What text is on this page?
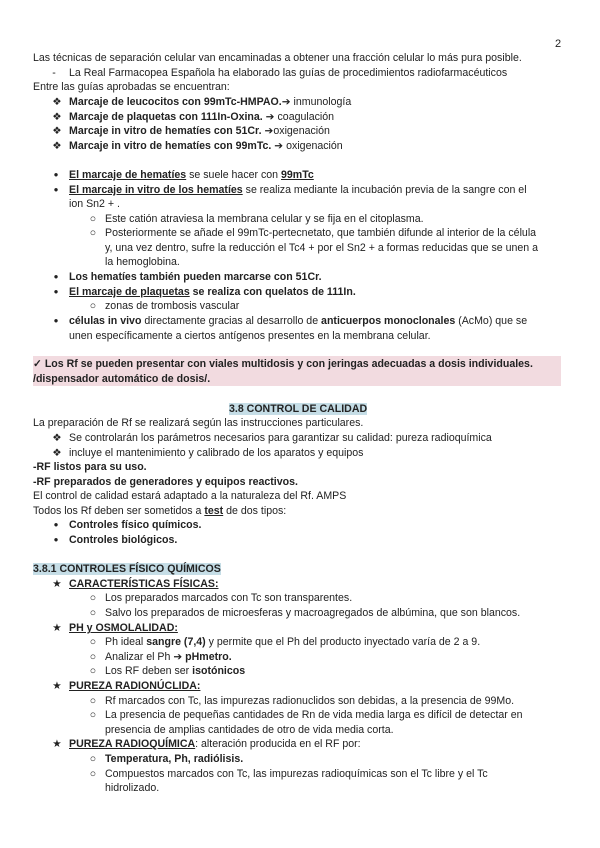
2
Las técnicas de separación celular van encaminadas a obtener una fracción celular lo más pura posible.
-	La Real Farmacopea Española ha elaborado las guías de procedimientos radiofarmacéuticos
Entre las guías aprobadas se encuentran:
❖ Marcaje de leucocitos con 99mTc-HMPAO.➔ inmunología
❖ Marcaje de plaquetas con 111In-Oxina. ➔ coagulación
❖ Marcaje in vitro de hematíes con 51Cr. ➔oxigenación
❖ Marcaje in vitro de hematíes con 99mTc. ➔ oxigenación
● El marcaje de hematíes se suele hacer con 99mTc
● El marcaje in vitro de los hematíes se realiza mediante la incubación previa de la sangre con el
ion Sn2 + .
○ Este catión atraviesa la membrana celular y se fija en el citoplasma.
○ Posteriormente se añade el 99mTc-pertecnetato, que también difunde al interior de la célula
y, una vez dentro, sufre la reducción el Tc4 + por el Sn2 + a formas reducidas que se unen a
la hemoglobina.
● Los hematíes también pueden marcarse con 51Cr.
● El marcaje de plaquetas se realiza con quelatos de 111In.
○ zonas de trombosis vascular
● células in vivo directamente gracias al desarrollo de anticuerpos monoclonales (AcMo) que se
unen específicamente a ciertos antígenos presentes en la membrana celular.
✓ Los Rf se pueden presentar con viales multidosis y con jeringas adecuadas a dosis individuales.
/dispensador automático de dosis/.
3.8 CONTROL DE CALIDAD
La preparación de Rf se realizará según las instrucciones particulares.
❖ Se controlarán los parámetros necesarios para garantizar su calidad: pureza radioquímica
❖ incluye el mantenimiento y calibrado de los aparatos y equipos
-RF listos para su uso.
-RF preparados de generadores y equipos reactivos.
El control de calidad estará adaptado a la naturaleza del Rf. AMPS
Todos los Rf deben ser sometidos a test de dos tipos:
● Controles físico químicos.
● Controles biológicos.
3.8.1 CONTROLES FÍSICO QUÍMICOS
★ CARACTERÍSTICAS FÍSICAS:
○ Los preparados marcados con Tc son transparentes.
○ Salvo los preparados de microesferas y macroagregados de albúmina, que son blancos.
★ PH y OSMOLALIDAD:
○ Ph ideal sangre (7,4) y permite que el Ph del producto inyectado varía de 2 a 9.
○ Analizar el Ph ➔ pHmetro.
○ Los RF deben ser isotónicos
★ PUREZA RADIONÚCLIDA:
○ Rf marcados con Tc, las impurezas radionuclidos son debidas, a la presencia de 99Mo.
○ La presencia de pequeñas cantidades de Rn de vida media larga es difícil de detectar en
presencia de amplias cantidades de otro de vida media corta.
★ PUREZA RADIOQUÍMICA: alteración producida en el RF por:
○ Temperatura, Ph, radiólisis.
○ Compuestos marcados con Tc, las impurezas radioquímicas son el Tc libre y el Tc
hidrolizado.
